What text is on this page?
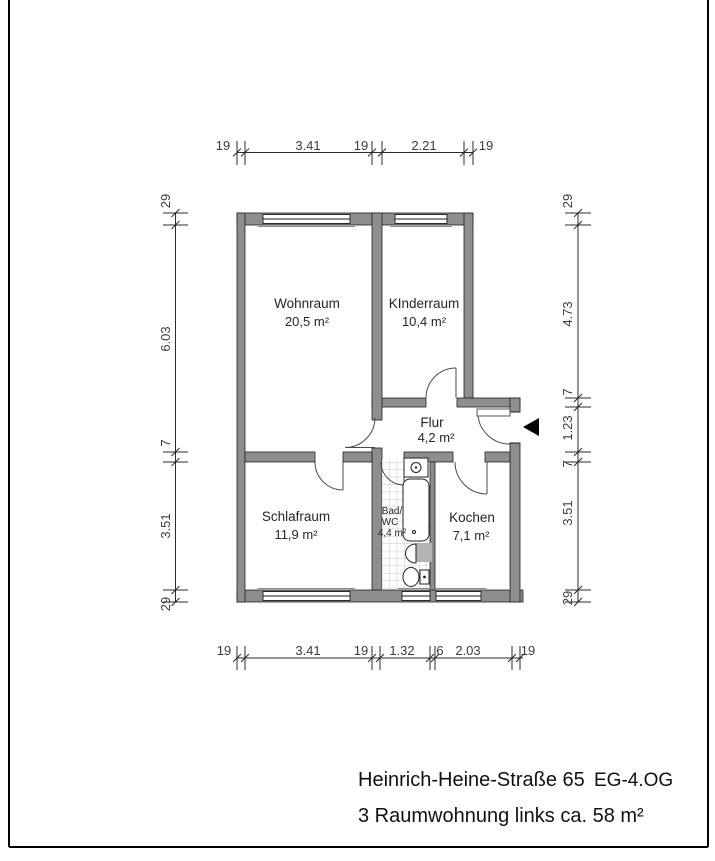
Wohnraum
20,5 m²
KInderraum
10,4 m²
Flur
4,2 m²
Schlafraum
11,9 m²
Bad/
WC
4,4 m²
Kochen
7,1 m²
19	3.41	19	2.21	19
19	3.41	19 1.32 6 2.03	19
29
6.03
7
3.51
29
29
4.73
7
1.23
7
3.51
29
Heinrich-Heine-Straße 65 EG-4.OG
3 Raumwohnung links ca. 58 m²
